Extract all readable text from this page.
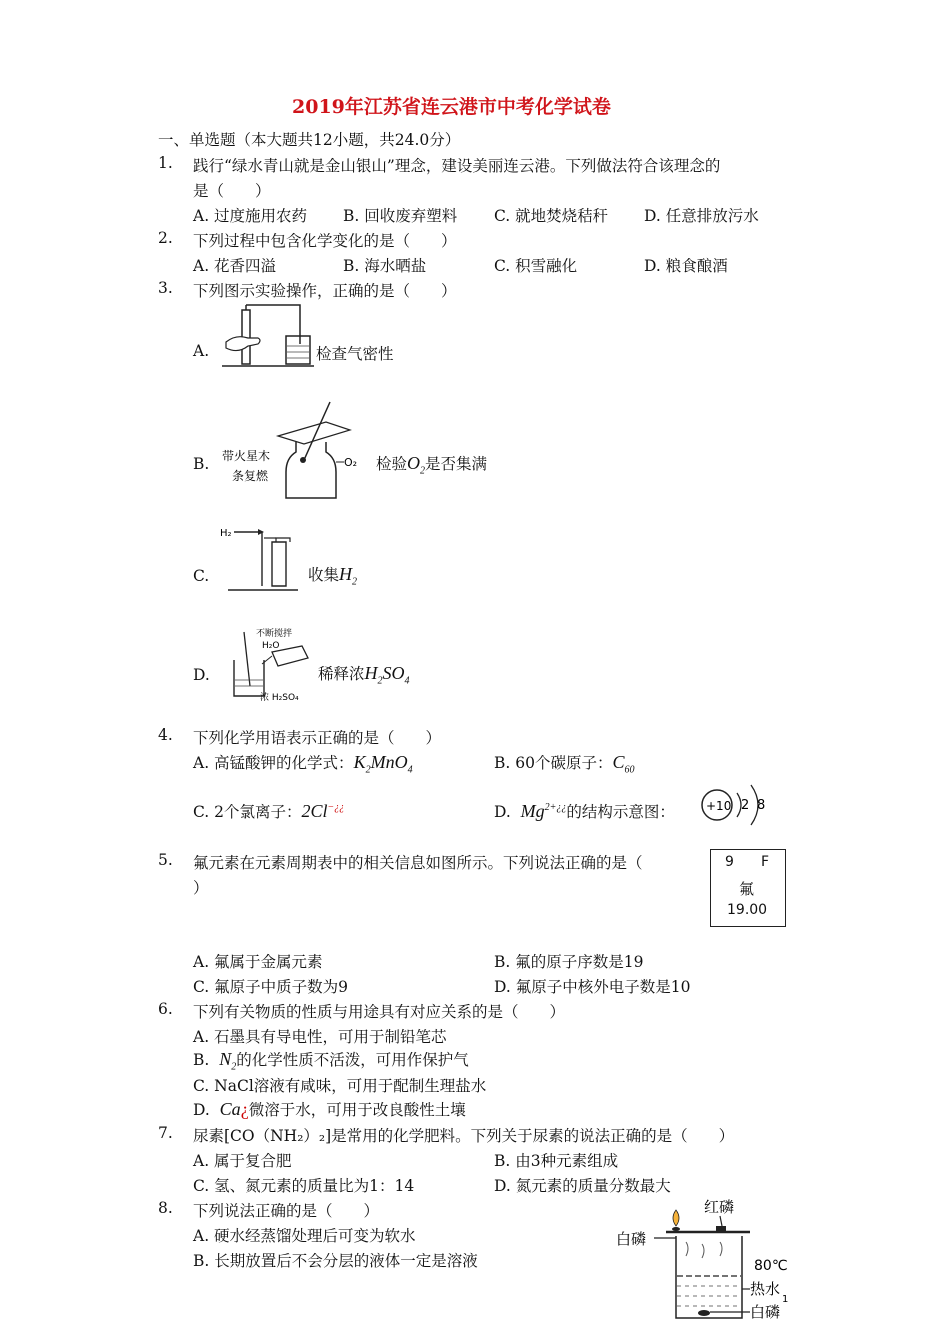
2019年江苏省连云港市中考化学试卷
一、单选题（本大题共12小题，共24.0分）
1. 践行“绿水青山就是金山银山”理念，建设美丽连云港。下列做法符合该理念的
是（　　）
A. 过度施用农药 B. 回收废弃塑料 C. 就地焚烧秸秆 D. 任意排放污水
2. 下列过程中包含化学变化的是（　　）
A. 花香四溢	B. 海水晒盐	C. 积雪融化	D. 粮食酿酒
3. 下列图示实验操作，正确的是（　　）
A.	检查气密性
B. 带火星木
条复燃
O₂ 检验$O_2$是否集满
C.
H₂
收集$H_2$
D.
不断搅拌
H₂O
浓 H₂SO₄
稀释浓$H_2SO_4$
4. 下列化学用语表示正确的是（　　）
A. 高锰酸钾的化学式：$K_2MnO_4$	B. 60个碳原子：$C_{60}$
C. 2个氯离子：2Cl−¿¿	D. $Mg^{2+¿¿}$的结构示意图：	+10 2 8
5. 氟元素在元素周期表中的相关信息如图所示。下列说法正确的是（
）
9 F
氟
19.00
A. 氟属于金属元素	B. 氟的原子序数是19
C. 氟原子中质子数为9	D. 氟原子中核外电子数是10
6. 下列有关物质的性质与用途具有对应关系的是（　　）
A. 石墨具有导电性，可用于制铅笔芯
B. $N_2$的化学性质不活泼，可用作保护气
C. NaCl溶液有咸味，可用于配制生理盐水
D. Ca¿微溶于水，可用于改良酸性土壤
7. 尿素[CO（NH₂）₂]是常用的化学肥料。下列关于尿素的说法正确的是（　　）
A. 属于复合肥	B. 由3种元素组成
C. 氢、氮元素的质量比为1：14	D. 氮元素的质量分数最大
8. 下列说法正确的是（　　）
A. 硬水经蒸馏处理后可变为软水
B. 长期放置后不会分层的液体一定是溶液
红磷
白磷
80℃
热水
1
白磷
